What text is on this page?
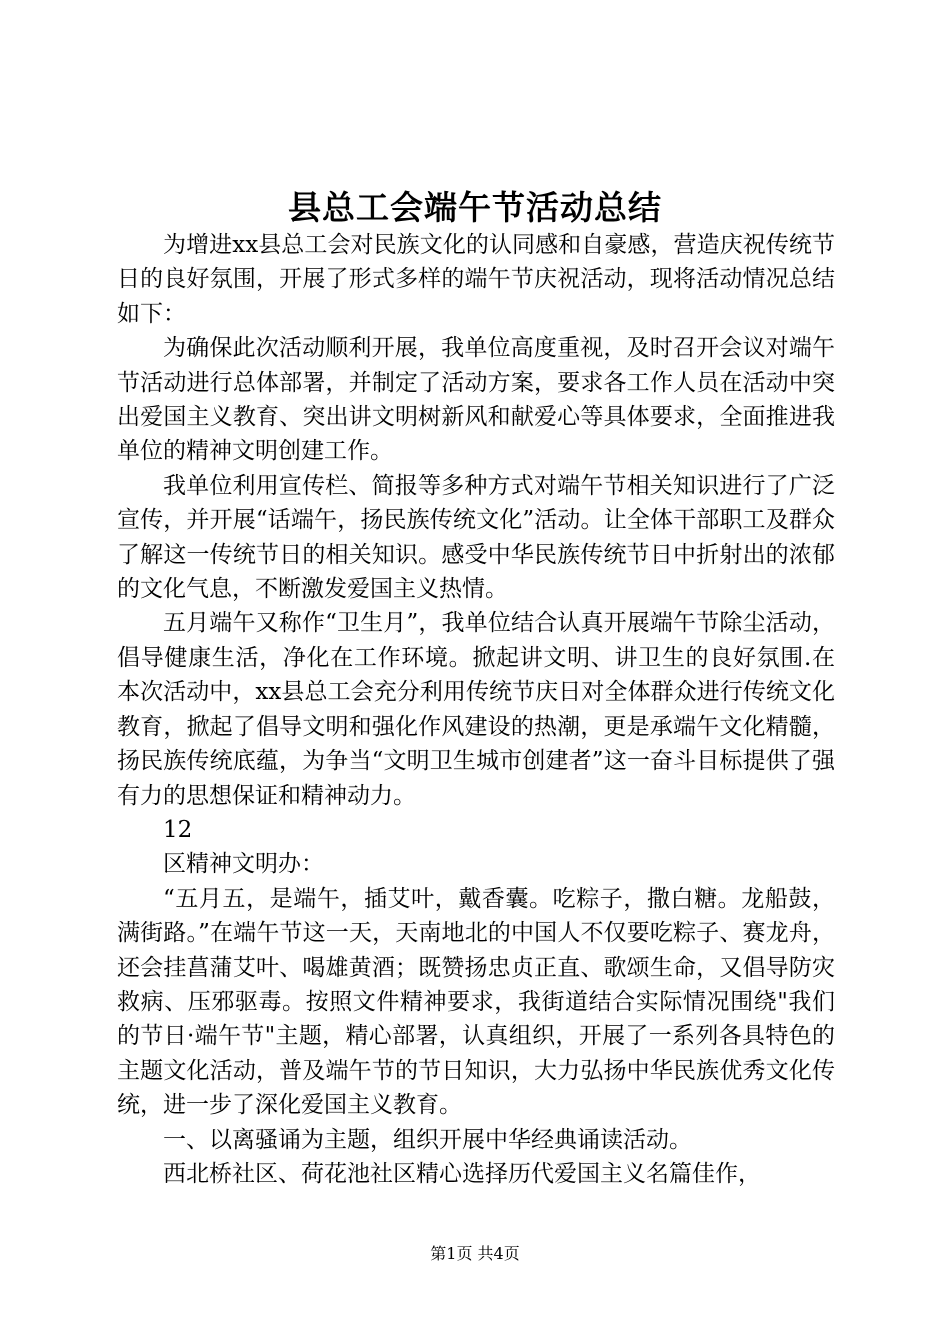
县总工会端午节活动总结

为增进xx县总工会对民族文化的认同感和自豪感，营造庆祝传统节日的良好氛围，开展了形式多样的端午节庆祝活动，现将活动情况总结如下：

为确保此次活动顺利开展，我单位高度重视，及时召开会议对端午节活动进行总体部署，并制定了活动方案，要求各工作人员在活动中突出爱国主义教育、突出讲文明树新风和献爱心等具体要求，全面推进我单位的精神文明创建工作。

我单位利用宣传栏、简报等多种方式对端午节相关知识进行了广泛宣传，并开展“话端午，扬民族传统文化”活动。让全体干部职工及群众了解这一传统节日的相关知识。感受中华民族传统节日中折射出的浓郁的文化气息，不断激发爱国主义热情。

五月端午又称作“卫生月”，我单位结合认真开展端午节除尘活动，倡导健康生活，净化在工作环境。掀起讲文明、讲卫生的良好氛围.在本次活动中，xx县总工会充分利用传统节庆日对全体群众进行传统文化教育，掀起了倡导文明和强化作风建设的热潮，更是承端午文化精髓，扬民族传统底蕴，为争当“文明卫生城市创建者”这一奋斗目标提供了强有力的思想保证和精神动力。

12

区精神文明办：

“五月五，是端午，插艾叶，戴香囊。吃粽子，撒白糖。龙船鼓，满街路。”在端午节这一天，天南地北的中国人不仅要吃粽子、赛龙舟，还会挂菖蒲艾叶、喝雄黄酒；既赞扬忠贞正直、歌颂生命，又倡导防灾救病、压邪驱毒。按照文件精神要求，我街道结合实际情况围绕"我们的节日·端午节"主题，精心部署，认真组织，开展了一系列各具特色的主题文化活动，普及端午节的节日知识，大力弘扬中华民族优秀文化传统，进一步了深化爱国主义教育。

一、以离骚诵为主题，组织开展中华经典诵读活动。

西北桥社区、荷花池社区精心选择历代爱国主义名篇佳作，

第1页 共4页
